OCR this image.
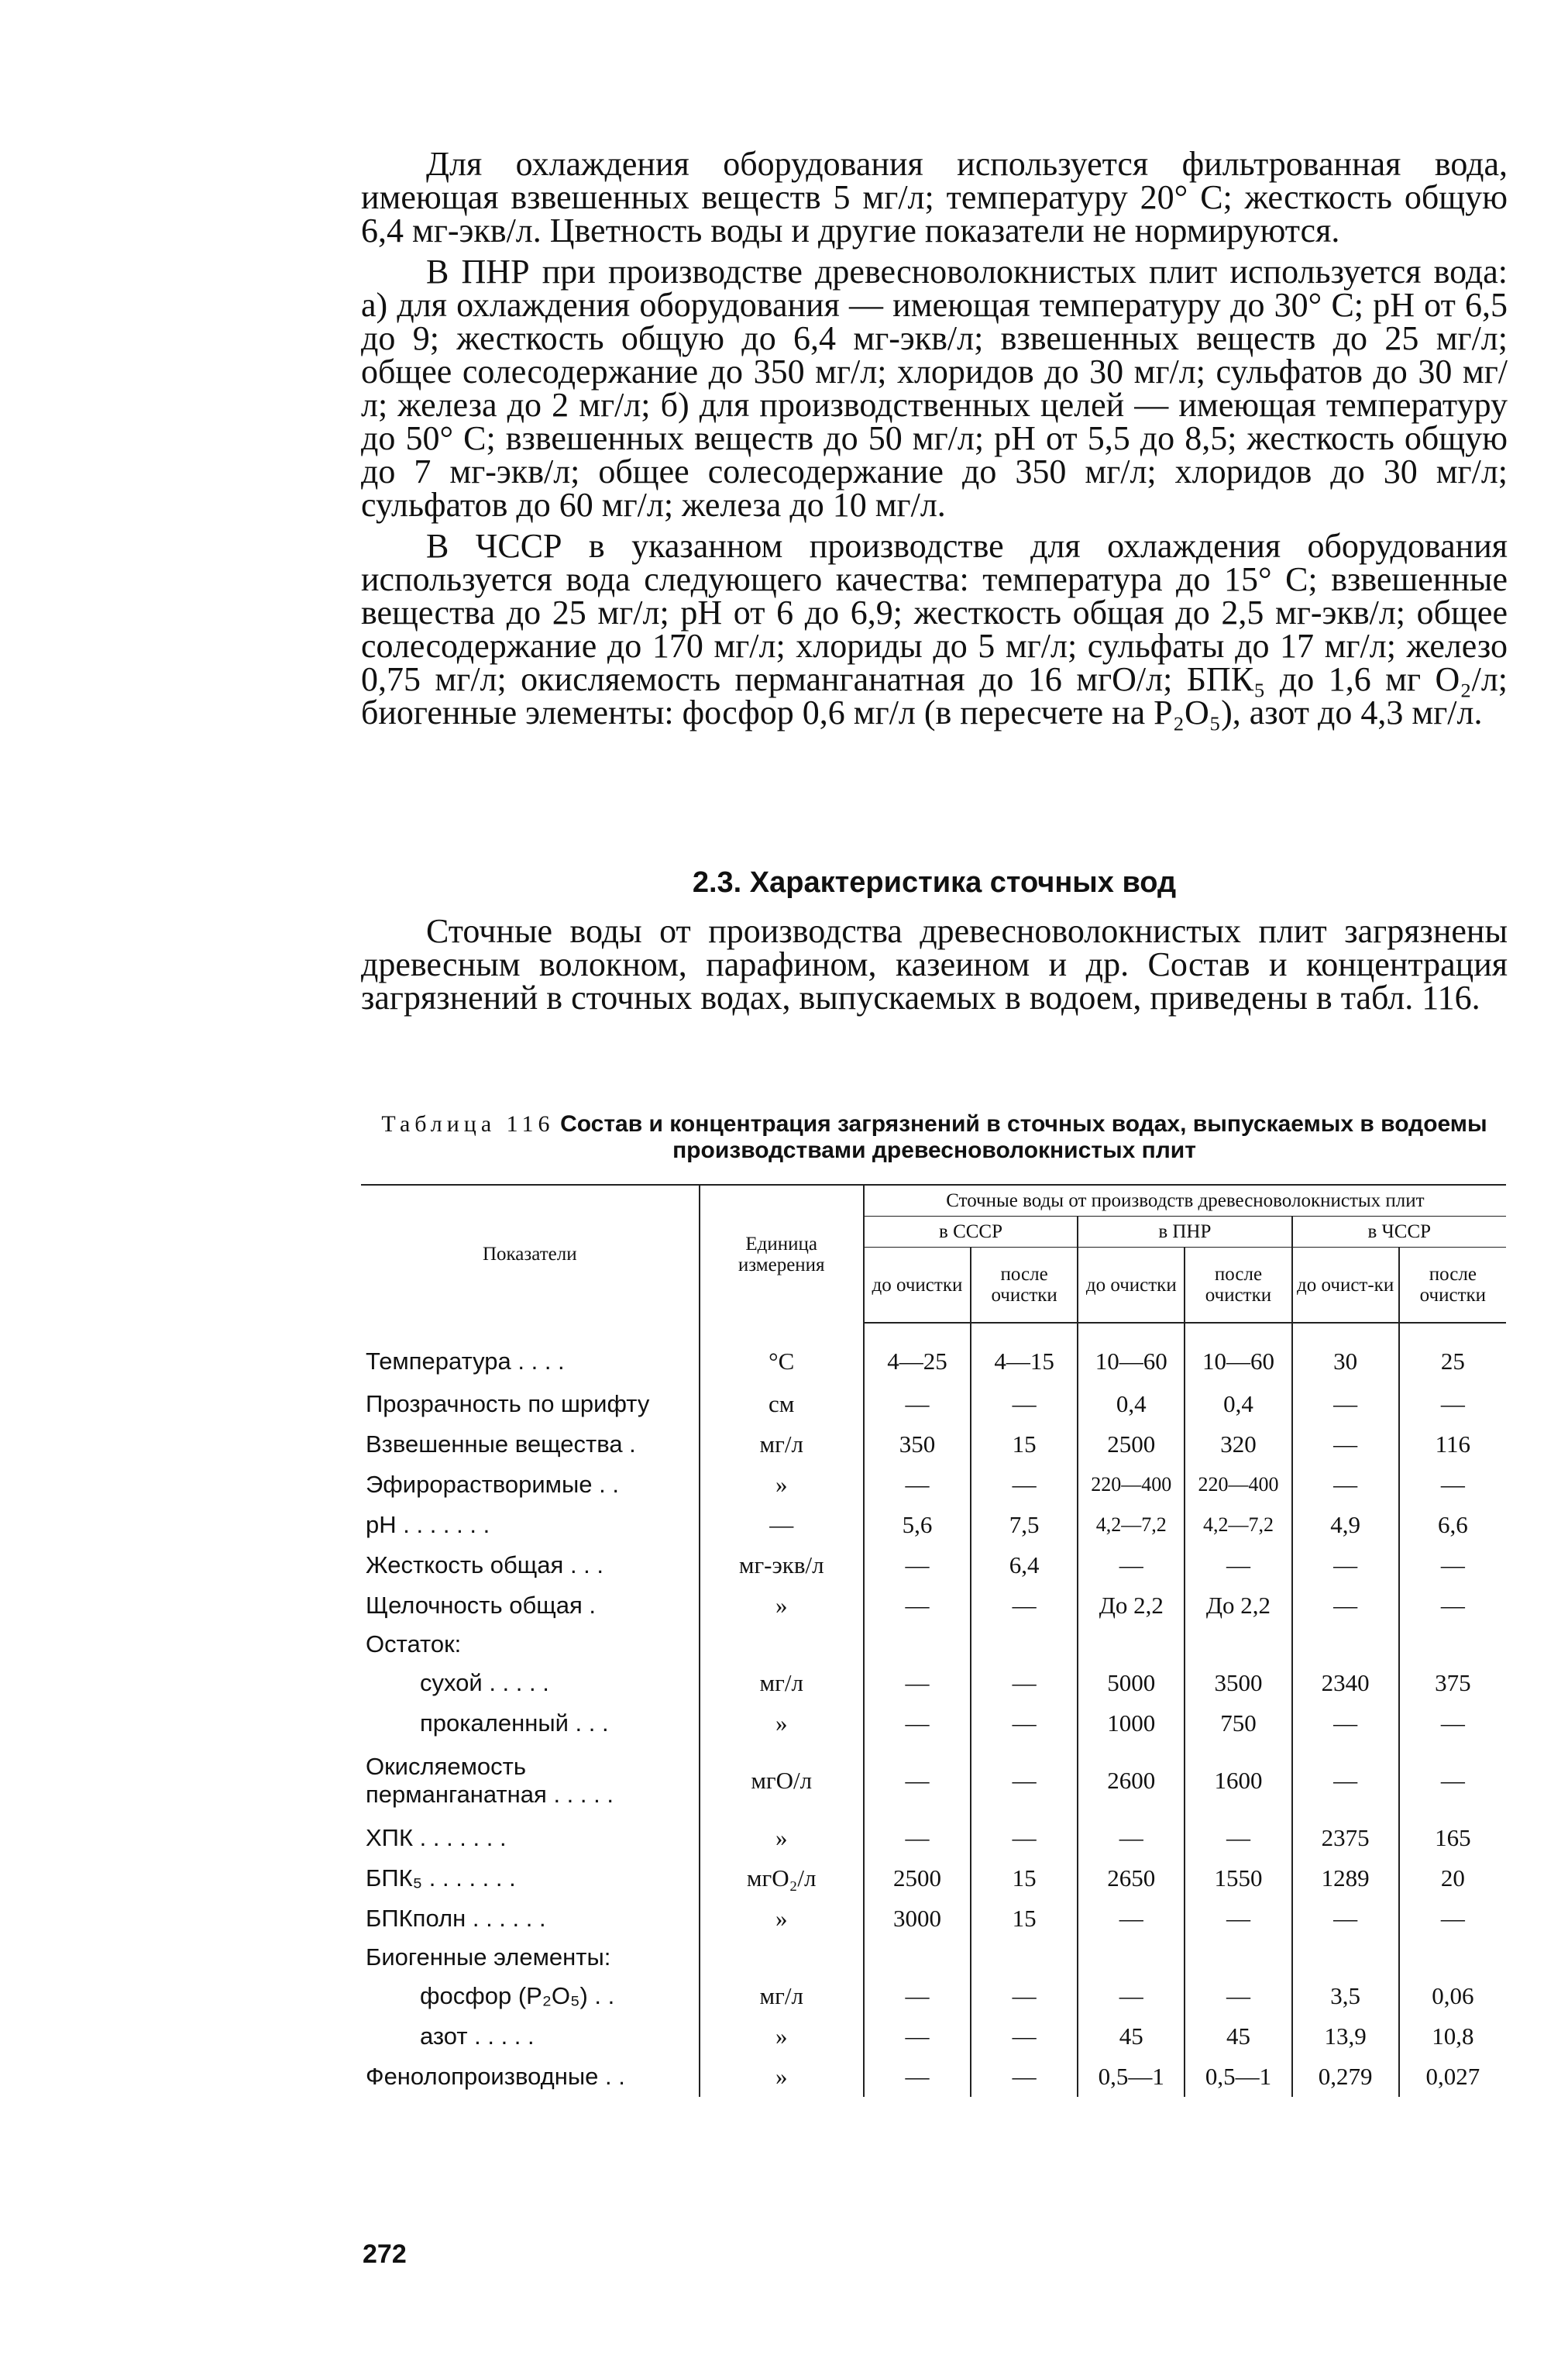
Для охлаждения оборудования используется фильтрованная вода, имеющая взвешенных веществ 5 мг/л; температуру 20° С; жесткость общую 6,4 мг-экв/л. Цветность воды и другие показатели не нормируются.

В ПНР при производстве древесноволокнистых плит используется вода: а) для охлаждения оборудования — имеющая температуру до 30° С; рН от 6,5 до 9; жесткость общую до 6,4 мг-экв/л; взвешенных веществ до 25 мг/л; общее солесодержание до 350 мг/л; хлоридов до 30 мг/л; сульфатов до 30 мг/л; железа до 2 мг/л; б) для производственных целей — имеющая температуру до 50° С; взвешенных веществ до 50 мг/л; рН от 5,5 до 8,5; жесткость общую до 7 мг-экв/л; общее солесодержание до 350 мг/л; хлоридов до 30 мг/л; сульфатов до 60 мг/л; железа до 10 мг/л.

В ЧССР в указанном производстве для охлаждения оборудования используется вода следующего качества: температура до 15° С; взвешенные вещества до 25 мг/л; рН от 6 до 6,9; жесткость общая до 2,5 мг-экв/л; общее солесодержание до 170 мг/л; хлориды до 5 мг/л; сульфаты до 17 мг/л; железо 0,75 мг/л; окисляемость перманганатная до 16 мгО/л; БПК₅ до 1,6 мг О₂/л; биогенные элементы: фосфор 0,6 мг/л (в пересчете на Р₂О₅), азот до 4,3 мг/л.

2.3. Характеристика сточных вод

Сточные воды от производства древесноволокнистых плит загрязнены древесным волокном, парафином, казеином и др. Состав и концентрация загрязнений в сточных водах, выпускаемых в водоем, приведены в табл. 116.

Таблица 116 Состав и концентрация загрязнений в сточных водах, выпускаемых в водоемы производствами древесноволокнистых плит
Показатели	Единица измерения	Сточные воды от производств древесноволокнистых плит					
		в СССР		в ПНР		в ЧССР	
		до очистки	после очистки	до очистки	после очистки	до очист-ки	после очистки
Температура . . . .	°С	4—25	4—15	10—60	10—60	30	25
Прозрачность по шрифту	см	—	—	0,4	0,4	—	—
Взвешенные вещества .	мг/л	350	15	2500	320	—	116
Эфирорастворимые . .	»	—	—	220—400	220—400	—	—
рН . . . . . . .	—	5,6	7,5	4,2—7,2	4,2—7,2	4,9	6,6
Жесткость общая . . .	мг-экв/л	—	6,4	—	—	—	—
Щелочность общая .	»	—	—	До 2,2	До 2,2	—	—
Остаток:							
сухой . . . . .	мг/л	—	—	5000	3500	2340	375
прокаленный . . .	»	—	—	1000	750	—	—
Окисляемость перманганатная . . . . .	мгО/л	—	—	2600	1600	—	—
ХПК . . . . . . .	»	—	—	—	—	2375	165
БПК₅ . . . . . . .	мгО₂/л	2500	15	2650	1550	1289	20
БПКполн . . . . . .	»	3000	15	—	—	—	—
Биогенные элементы:							
фосфор (Р₂О₅) . .	мг/л	—	—	—	—	3,5	0,06
азот . . . . .	»	—	—	45	45	13,9	10,8
Фенолопроизводные . .	»	—	—	0,5—1	0,5—1	0,279	0,027
272
